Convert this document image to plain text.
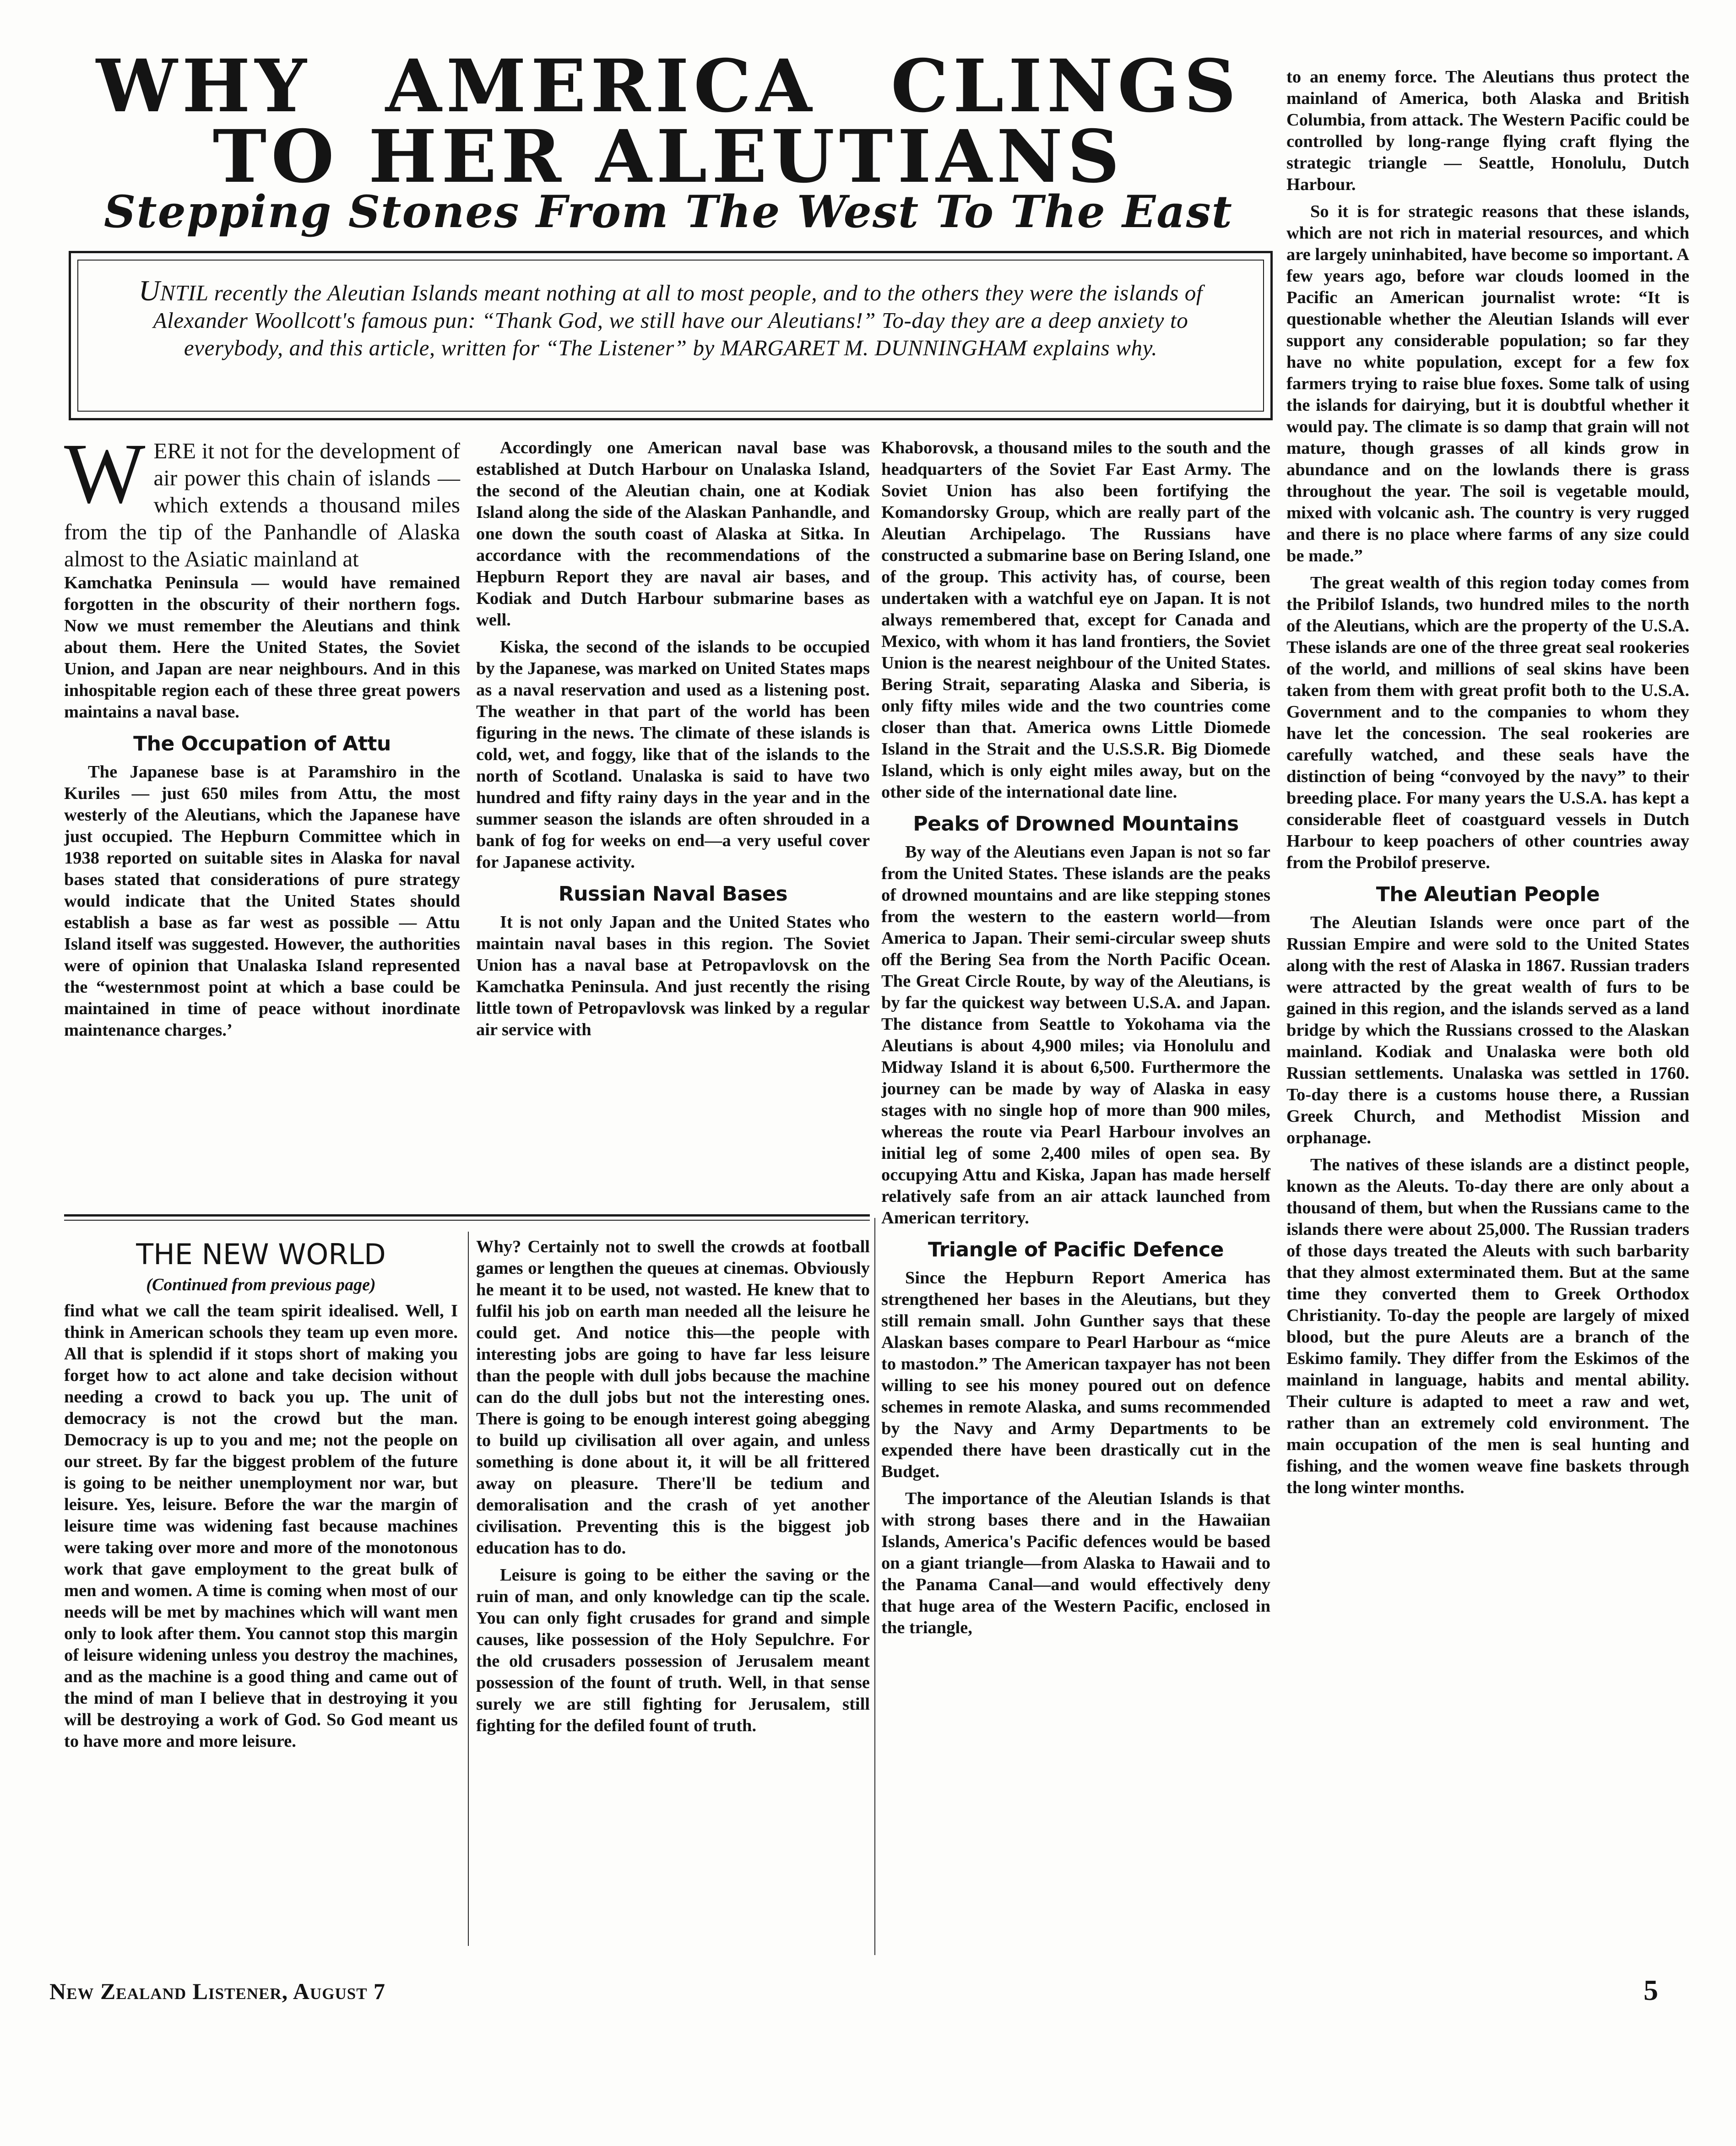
WHY AMERICA CLINGS
TO HER ALEUTIANS
Stepping Stones From The West To The East
UNTIL recently the Aleutian Islands meant nothing at all to most people, and to the others they were the islands of Alexander Woollcott's famous pun: “Thank God, we still have our Aleutians!” To-day they are a deep anxiety to everybody, and this article, written for “The Listener” by MARGARET M. DUNNINGHAM explains why.

WERE it not for the development of air power this chain of islands — which extends a thousand miles from the tip of the Panhandle of Alaska almost to the Asiatic mainland at

Kamchatka Peninsula — would have remained forgotten in the obscurity of their northern fogs. Now we must remember the Aleutians and think about them. Here the United States, the Soviet Union, and Japan are near neighbours. And in this inhospitable region each of these three great powers maintains a naval base.

The Occupation of Attu

The Japanese base is at Paramshiro in the Kuriles — just 650 miles from Attu, the most westerly of the Aleutians, which the Japanese have just occupied. The Hepburn Committee which in 1938 reported on suitable sites in Alaska for naval bases stated that considerations of pure strategy would indicate that the United States should establish a base as far west as possible — Attu Island itself was suggested. However, the authorities were of opinion that Unalaska Island represented the “westernmost point at which a base could be maintained in time of peace without inordinate maintenance charges.’

Accordingly one American naval base was established at Dutch Harbour on Unalaska Island, the second of the Aleutian chain, one at Kodiak Island along the side of the Alaskan Panhandle, and one down the south coast of Alaska at Sitka. In accordance with the recommendations of the Hepburn Report they are naval air bases, and Kodiak and Dutch Harbour submarine bases as well.

Kiska, the second of the islands to be occupied by the Japanese, was marked on United States maps as a naval reservation and used as a listening post. The weather in that part of the world has been figuring in the news. The climate of these islands is cold, wet, and foggy, like that of the islands to the north of Scotland. Unalaska is said to have two hundred and fifty rainy days in the year and in the summer season the islands are often shrouded in a bank of fog for weeks on end—a very useful cover for Japanese activity.

Russian Naval Bases

It is not only Japan and the United States who maintain naval bases in this region. The Soviet Union has a naval base at Petropavlovsk on the Kamchatka Peninsula. And just recently the rising little town of Petropavlovsk was linked by a regular air service with

Khaborovsk, a thousand miles to the south and the headquarters of the Soviet Far East Army. The Soviet Union has also been fortifying the Komandorsky Group, which are really part of the Aleutian Archipelago. The Russians have constructed a submarine base on Bering Island, one of the group. This activity has, of course, been undertaken with a watchful eye on Japan. It is not always remembered that, except for Canada and Mexico, with whom it has land frontiers, the Soviet Union is the nearest neighbour of the United States. Bering Strait, separating Alaska and Siberia, is only fifty miles wide and the two countries come closer than that. America owns Little Diomede Island in the Strait and the U.S.S.R. Big Diomede Island, which is only eight miles away, but on the other side of the international date line.

Peaks of Drowned Mountains

By way of the Aleutians even Japan is not so far from the United States. These islands are the peaks of drowned mountains and are like stepping stones from the western to the eastern world—from America to Japan. Their semi-circular sweep shuts off the Bering Sea from the North Pacific Ocean. The Great Circle Route, by way of the Aleutians, is by far the quickest way between U.S.A. and Japan. The distance from Seattle to Yokohama via the Aleutians is about 4,900 miles; via Honolulu and Midway Island it is about 6,500. Furthermore the journey can be made by way of Alaska in easy stages with no single hop of more than 900 miles, whereas the route via Pearl Harbour involves an initial leg of some 2,400 miles of open sea. By occupying Attu and Kiska, Japan has made herself relatively safe from an air attack launched from American territory.

Triangle of Pacific Defence

Since the Hepburn Report America has strengthened her bases in the Aleutians, but they still remain small. John Gunther says that these Alaskan bases compare to Pearl Harbour as “mice to mastodon.” The American taxpayer has not been willing to see his money poured out on defence schemes in remote Alaska, and sums recommended by the Navy and Army Departments to be expended there have been drastically cut in the Budget.

The importance of the Aleutian Islands is that with strong bases there and in the Hawaiian Islands, America's Pacific defences would be based on a giant triangle—from Alaska to Hawaii and to the Panama Canal—and would effectively deny that huge area of the Western Pacific, enclosed in the triangle,

to an enemy force. The Aleutians thus protect the mainland of America, both Alaska and British Columbia, from attack. The Western Pacific could be controlled by long-range flying craft flying the strategic triangle — Seattle, Honolulu, Dutch Harbour.

So it is for strategic reasons that these islands, which are not rich in material resources, and which are largely uninhabited, have become so important. A few years ago, before war clouds loomed in the Pacific an American journalist wrote: “It is questionable whether the Aleutian Islands will ever support any considerable population; so far they have no white population, except for a few fox farmers trying to raise blue foxes. Some talk of using the islands for dairying, but it is doubtful whether it would pay. The climate is so damp that grain will not mature, though grasses of all kinds grow in abundance and on the lowlands there is grass throughout the year. The soil is vegetable mould, mixed with volcanic ash. The country is very rugged and there is no place where farms of any size could be made.”

The great wealth of this region today comes from the Pribilof Islands, two hundred miles to the north of the Aleutians, which are the property of the U.S.A. These islands are one of the three great seal rookeries of the world, and millions of seal skins have been taken from them with great profit both to the U.S.A. Government and to the companies to whom they have let the concession. The seal rookeries are carefully watched, and these seals have the distinction of being “convoyed by the navy” to their breeding place. For many years the U.S.A. has kept a considerable fleet of coastguard vessels in Dutch Harbour to keep poachers of other countries away from the Probilof preserve.

The Aleutian People

The Aleutian Islands were once part of the Russian Empire and were sold to the United States along with the rest of Alaska in 1867. Russian traders were attracted by the great wealth of furs to be gained in this region, and the islands served as a land bridge by which the Russians crossed to the Alaskan mainland. Kodiak and Unalaska were both old Russian settlements. Unalaska was settled in 1760. To-day there is a customs house there, a Russian Greek Church, and Methodist Mission and orphanage.

The natives of these islands are a distinct people, known as the Aleuts. To-day there are only about a thousand of them, but when the Russians came to the islands there were about 25,000. The Russian traders of those days treated the Aleuts with such barbarity that they almost exterminated them. But at the same time they converted them to Greek Orthodox Christianity. To-day the people are largely of mixed blood, but the pure Aleuts are a branch of the Eskimo family. They differ from the Eskimos of the mainland in language, habits and mental ability. Their culture is adapted to meet a raw and wet, rather than an extremely cold environment. The main occupation of the men is seal hunting and fishing, and the women weave fine baskets through the long winter months.

THE NEW WORLD
(Continued from previous page)

find what we call the team spirit idealised. Well, I think in American schools they team up even more. All that is splendid if it stops short of making you forget how to act alone and take decision without needing a crowd to back you up. The unit of democracy is not the crowd but the man. Democracy is up to you and me; not the people on our street. By far the biggest problem of the future is going to be neither unemployment nor war, but leisure. Yes, leisure. Before the war the margin of leisure time was widening fast because machines were taking over more and more of the monotonous work that gave employment to the great bulk of men and women. A time is coming when most of our needs will be met by machines which will want men only to look after them. You cannot stop this margin of leisure widening unless you destroy the machines, and as the machine is a good thing and came out of the mind of man I believe that in destroying it you will be destroying a work of God. So God meant us to have more and more leisure.

Why? Certainly not to swell the crowds at football games or lengthen the queues at cinemas. Obviously he meant it to be used, not wasted. He knew that to fulfil his job on earth man needed all the leisure he could get. And notice this—the people with interesting jobs are going to have far less leisure than the people with dull jobs because the machine can do the dull jobs but not the interesting ones. There is going to be enough interest going abegging to build up civilisation all over again, and unless something is done about it, it will be all frittered away on pleasure. There'll be tedium and demoralisation and the crash of yet another civilisation. Preventing this is the biggest job education has to do.

Leisure is going to be either the saving or the ruin of man, and only knowledge can tip the scale. You can only fight crusades for grand and simple causes, like possession of the Holy Sepulchre. For the old crusaders possession of Jerusalem meant possession of the fount of truth. Well, in that sense surely we are still fighting for Jerusalem, still fighting for the defiled fount of truth.

New Zealand Listener, August 7	5
